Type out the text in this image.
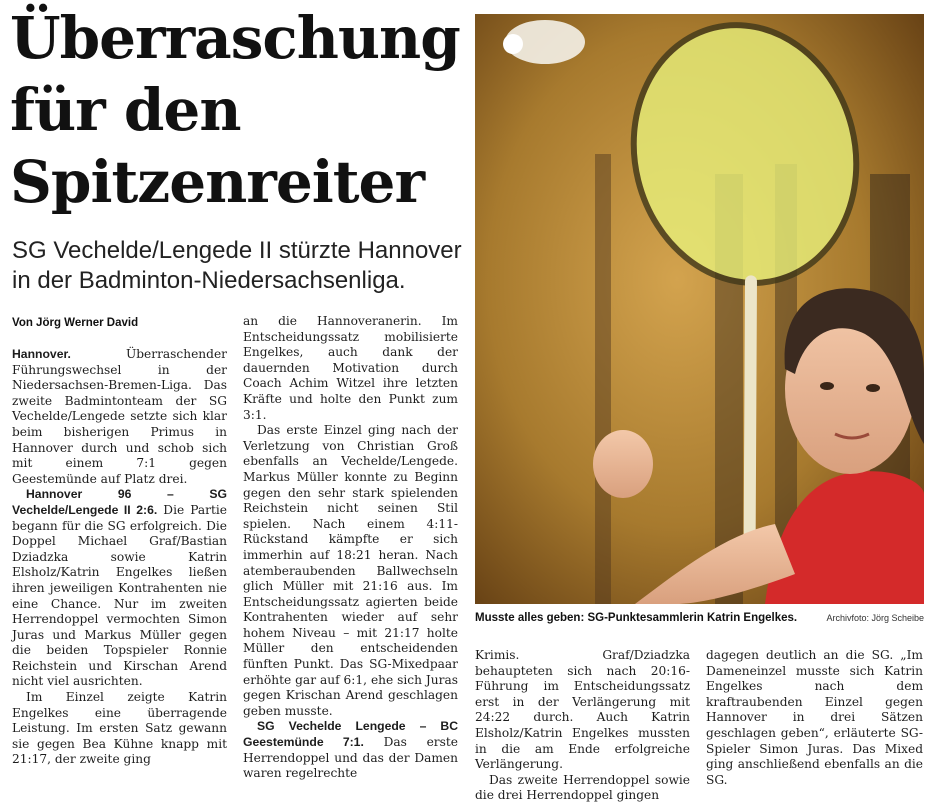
Überraschung
für den
Spitzenreiter
SG Vechelde/Lengede II stürzte Hannover in der Badminton-Niedersachsenliga.
Von Jörg Werner David

Hannover. Überraschender Führungswechsel in der Niedersachsen-Bremen-Liga. Das zweite Badmintonteam der SG Vechelde/Lengede setzte sich klar beim bisherigen Primus in Hannover durch und schob sich mit einem 7:1 gegen Geestemünde auf Platz drei.

Hannover 96 – SG Vechelde/Lengede II 2:6. Die Partie begann für die SG erfolgreich. Die Doppel Michael Graf/Bastian Dziadzka sowie Katrin Elsholz/Katrin Engelkes ließen ihren jeweiligen Kontrahenten nie eine Chance. Nur im zweiten Herrendoppel vermochten Simon Juras und Markus Müller gegen die beiden Topspieler Ronnie Reichstein und Kirschan Arend nicht viel ausrichten.

Im Einzel zeigte Katrin Engelkes eine überragende Leistung. Im ersten Satz gewann sie gegen Bea Kühne knapp mit 21:17, der zweite ging

an die Hannoveranerin. Im Entscheidungssatz mobilisierte Engelkes, auch dank der dauernden Motivation durch Coach Achim Witzel ihre letzten Kräfte und holte den Punkt zum 3:1.

Das erste Einzel ging nach der Verletzung von Christian Groß ebenfalls an Vechelde/Lengede. Markus Müller konnte zu Beginn gegen den sehr stark spielenden Reichstein nicht seinen Stil spielen. Nach einem 4:11-Rückstand kämpfte er sich immerhin auf 18:21 heran. Nach atemberaubenden Ballwechseln glich Müller mit 21:16 aus. Im Entscheidungssatz agierten beide Kontrahenten wieder auf sehr hohem Niveau – mit 21:17 holte Müller den entscheidenden fünften Punkt. Das SG-Mixedpaar erhöhte gar auf 6:1, ehe sich Juras gegen Krischan Arend geschlagen geben musste.

SG Vechelde Lengede – BC Geestemünde 7:1. Das erste Herrendoppel und das der Damen waren regelrechte

Musste alles geben: SG-Punktesammlerin Katrin Engelkes.	Archivfoto: Jörg Scheibe

Krimis. Graf/Dziadzka behaupteten sich nach 20:16-Führung im Entscheidungssatz erst in der Verlängerung mit 24:22 durch. Auch Katrin Elsholz/Katrin Engelkes mussten in die am Ende erfolgreiche Verlängerung.

Das zweite Herrendoppel sowie die drei Herrendoppel gingen

dagegen deutlich an die SG. „Im Dameneinzel musste sich Katrin Engelkes nach dem kraftraubenden Einzel gegen Hannover in drei Sätzen geschlagen geben“, erläuterte SG-Spieler Simon Juras. Das Mixed ging anschließend ebenfalls an die SG.
